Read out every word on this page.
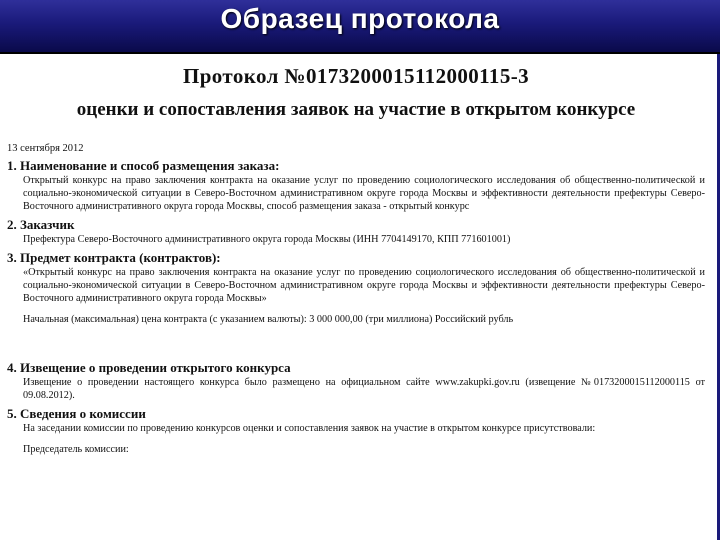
Образец протокола
Протокол №0173200015112000115-3
оценки и сопоставления заявок на участие в открытом конкурсе
13 сентября 2012
1. Наименование и способ размещения заказа:
Открытый конкурс на право заключения контракта на оказание услуг по проведению социологического исследования об общественно-политической и социально-экономической ситуации в Северо-Восточном административном округе города Москвы и эффективности деятельности префектуры Северо-Восточного административного округа города Москвы, способ размещения заказа - открытый конкурс
2. Заказчик
Префектура Северо-Восточного административного округа города Москвы (ИНН 7704149170, КПП 771601001)
3. Предмет контракта (контрактов):
«Открытый конкурс на право заключения контракта на оказание услуг по проведению социологического исследования об общественно-политической и социально-экономической ситуации в Северо-Восточном административном округе города Москвы и эффективности деятельности префектуры Северо-Восточного административного округа города Москвы»
Начальная (максимальная) цена контракта (с указанием валюты): 3 000 000,00 (три миллиона) Российский рубль
4. Извещение о проведении открытого конкурса
Извещение о проведении настоящего конкурса было размещено на официальном сайте www.zakupki.gov.ru (извещение №0173200015112000115 от 09.08.2012).
5. Сведения о комиссии
На заседании комиссии по проведению конкурсов оценки и сопоставления заявок на участие в открытом конкурсе присутствовали:
Председатель комиссии:
